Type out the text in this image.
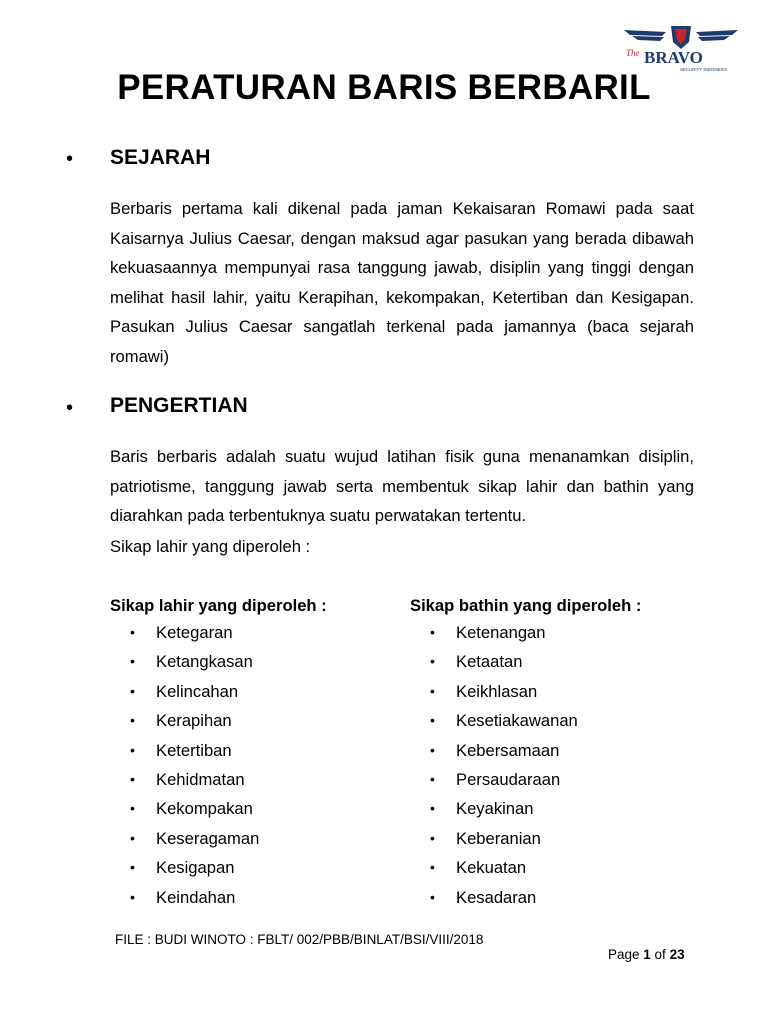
The BRAVO
SECURITY INDONESIA
PERATURAN BARIS BERBARIL
• SEJARAH

Berbaris pertama kali dikenal pada jaman Kekaisaran Romawi pada saat Kaisarnya Julius Caesar, dengan maksud agar pasukan yang berada dibawah kekuasaannya mempunyai rasa tanggung jawab, disiplin yang tinggi dengan melihat hasil lahir, yaitu Kerapihan, kekompakan, Ketertiban dan Kesigapan. Pasukan Julius Caesar sangatlah terkenal pada jamannya (baca sejarah romawi)

• PENGERTIAN

Baris berbaris adalah suatu wujud latihan fisik guna menanamkan disiplin, patriotisme, tanggung jawab serta membentuk sikap lahir dan bathin yang diarahkan pada terbentuknya suatu perwatakan tertentu.

Sikap lahir yang diperoleh :
Sikap lahir yang diperoleh :	Sikap bathin yang diperoleh :
• Ketegaran
• Ketangkasan
• Kelincahan
• Kerapihan
• Ketertiban
• Kehidmatan
• Kekompakan
• Keseragaman
• Kesigapan
• Keindahan
• Ketenangan
• Ketaatan
• Keikhlasan
• Kesetiakawanan
• Kebersamaan
• Persaudaraan
• Keyakinan
• Keberanian
• Kekuatan
• Kesadaran
FILE : BUDI WINOTO : FBLT/ 002/PBB/BINLAT/BSI/VIII/2018
Page 1 of 23
